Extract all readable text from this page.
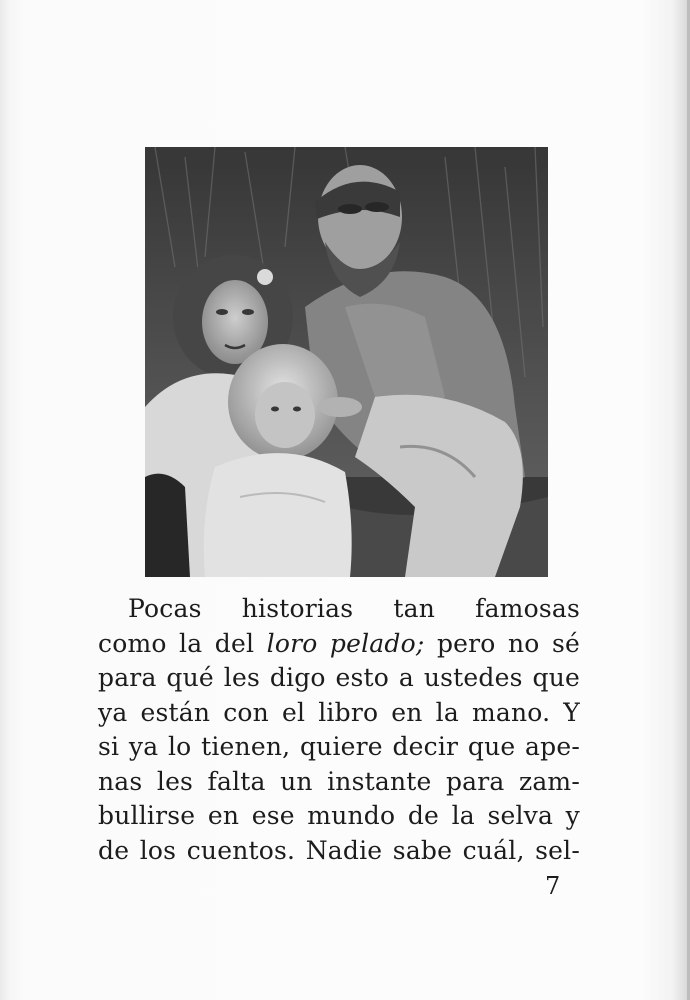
Pocas historias tan famosas
como la del loro pelado; pero no sé
para qué les digo esto a ustedes que
ya están con el libro en la mano. Y
si ya lo tienen, quiere decir que ape-
nas les falta un instante para zam-
bullirse en ese mundo de la selva y
de los cuentos. Nadie sabe cuál, sel-
7
